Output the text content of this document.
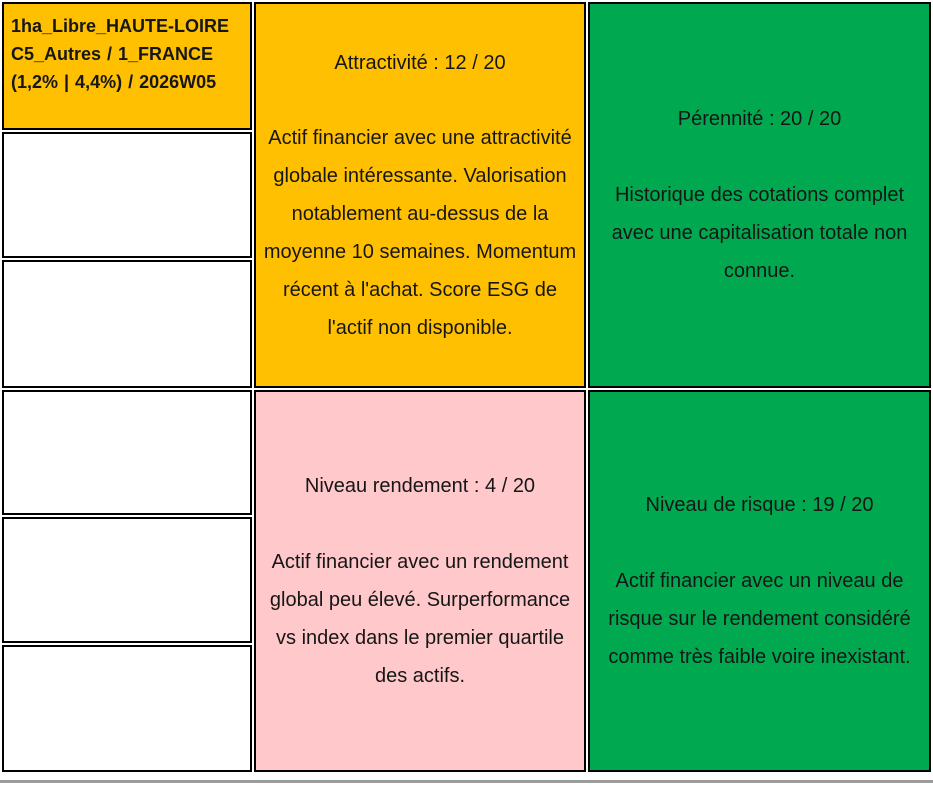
1ha_Libre_HAUTE-LOIRE C5_Autres / 1_FRANCE (1,2% | 4,4%) / 2026W05
Attractivité : 12 / 20
Actif financier avec une attractivité globale intéressante. Valorisation notablement au-dessus de la moyenne 10 semaines. Momentum récent à l'achat. Score ESG de l'actif non disponible.
Pérennité : 20 / 20
Historique des cotations complet avec une capitalisation totale non connue.
Niveau rendement : 4 / 20
Actif financier avec un rendement global peu élevé. Surperformance vs index dans le premier quartile des actifs.
Niveau de risque : 19 / 20
Actif financier avec un niveau de risque sur le rendement considéré comme très faible voire inexistant.
